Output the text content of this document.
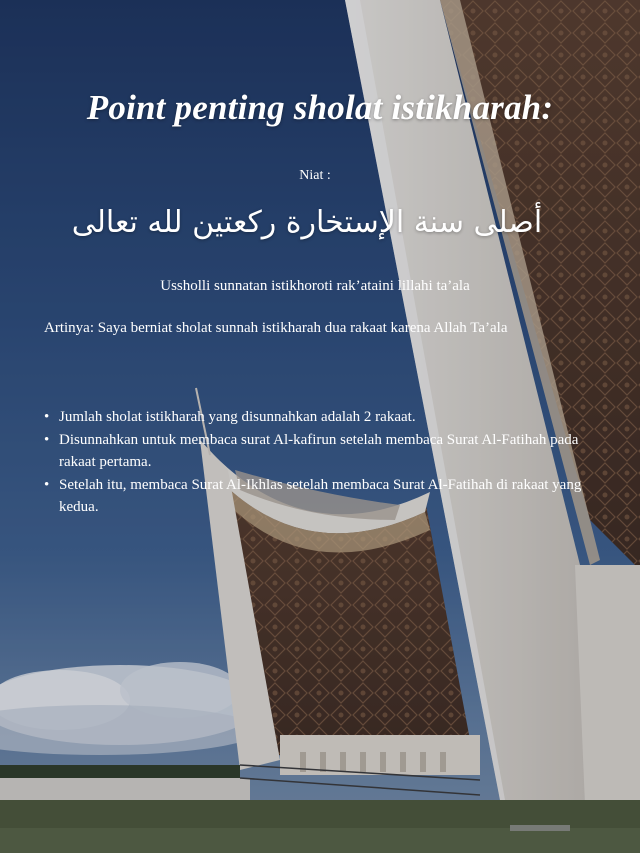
Point penting sholat istikharah:
Niat :
أصلى سنة الإستخارة ركعتين لله تعالى
Ussholli sunnatan istikhoroti rak’ataini lillahi ta’ala
Artinya: Saya berniat sholat sunnah istikharah dua rakaat karena Allah Ta’ala
• Jumlah sholat istikharah yang disunnahkan adalah 2 rakaat.
• Disunnahkan untuk membaca surat Al-kafirun setelah membaca Surat Al-Fatihah pada rakaat pertama.
• Setelah itu, membaca Surat Al-Ikhlas setelah membaca Surat Al-Fatihah di rakaat yang kedua.
